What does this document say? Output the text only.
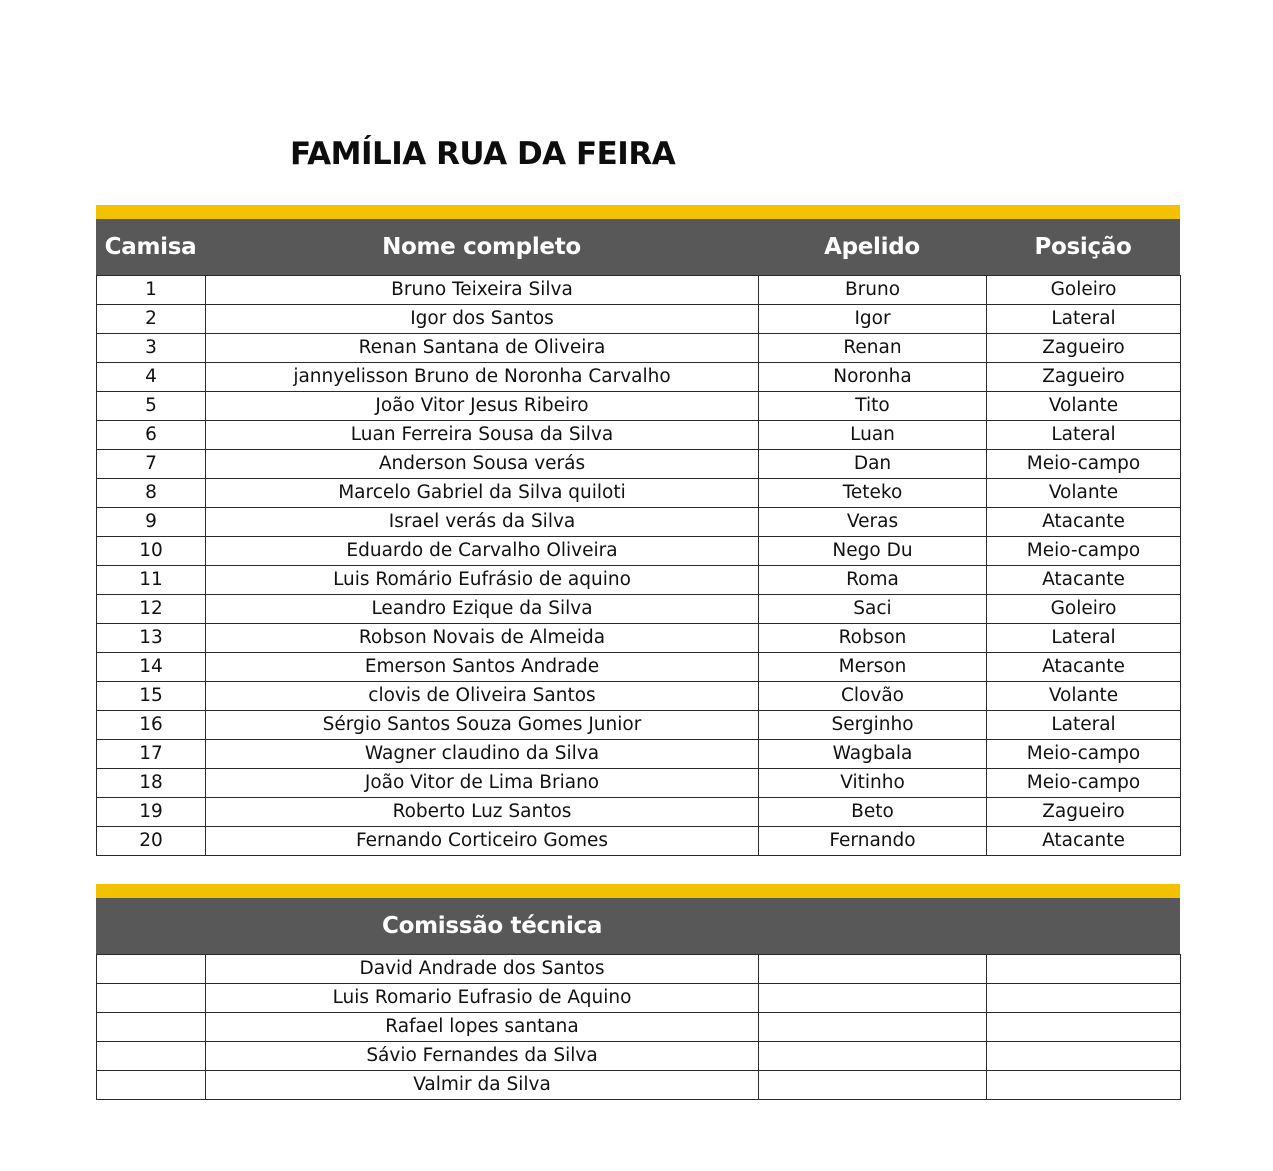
FAMÍLIA RUA DA FEIRA
Camisa	Nome completo	Apelido	Posição
1	Bruno Teixeira Silva	Bruno	Goleiro
2	Igor dos Santos	Igor	Lateral
3	Renan Santana de Oliveira	Renan	Zagueiro
4	jannyelisson Bruno de Noronha Carvalho	Noronha	Zagueiro
5	João Vitor Jesus Ribeiro	Tito	Volante
6	Luan Ferreira Sousa da Silva	Luan	Lateral
7	Anderson Sousa verás	Dan	Meio-campo
8	Marcelo Gabriel da Silva quiloti	Teteko	Volante
9	Israel verás da Silva	Veras	Atacante
10	Eduardo de Carvalho Oliveira	Nego Du	Meio-campo
11	Luis Romário Eufrásio de aquino	Roma	Atacante
12	Leandro Ezique da Silva	Saci	Goleiro
13	Robson Novais de Almeida	Robson	Lateral
14	Emerson Santos Andrade	Merson	Atacante
15	clovis de Oliveira Santos	Clovão	Volante
16	Sérgio Santos Souza Gomes Junior	Serginho	Lateral
17	Wagner claudino da Silva	Wagbala	Meio-campo
18	João Vitor de Lima Briano	Vitinho	Meio-campo
19	Roberto Luz Santos	Beto	Zagueiro
20	Fernando Corticeiro Gomes	Fernando	Atacante
Comissão técnica
	David Andrade dos Santos		
	Luis Romario Eufrasio de Aquino		
	Rafael lopes santana		
	Sávio Fernandes da Silva		
	Valmir da Silva		
